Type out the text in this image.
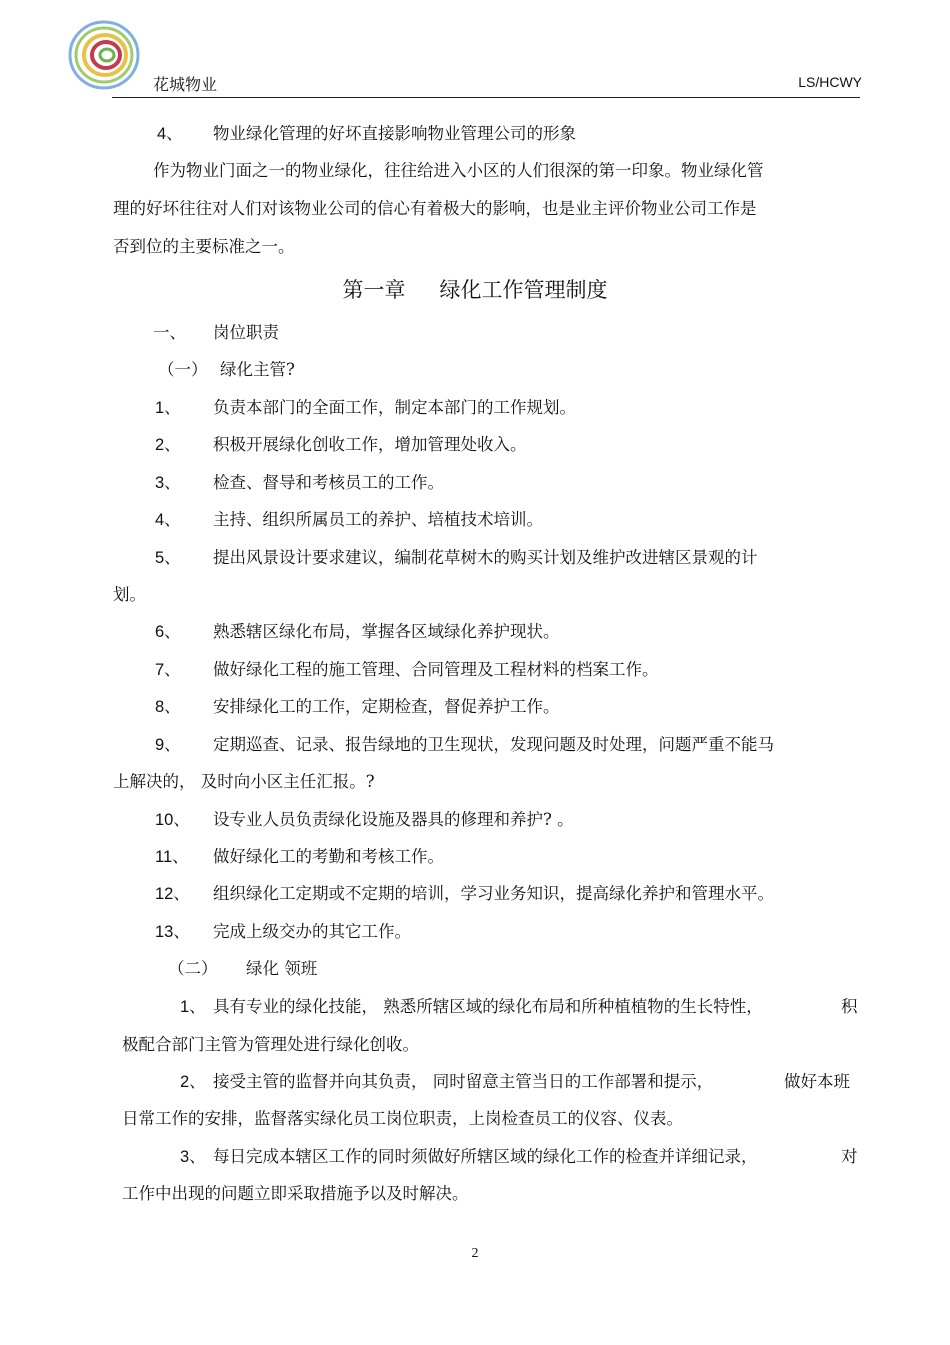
花城物业	LS/HCWY
4、 物业绿化管理的好坏直接影响物业管理公司的形象
作为物业门面之一的物业绿化，往往给进入小区的人们很深的第一印象。物业绿化管
理的好坏往往对人们对该物业公司的信心有着极大的影响，也是业主评价物业公司工作是
否到位的主要标准之一。
第一章 绿化工作管理制度
一、 岗位职责
（一） 绿化主管?
1、 负责本部门的全面工作，制定本部门的工作规划。
2、 积极开展绿化创收工作，增加管理处收入。
3、 检查、督导和考核员工的工作。
4、 主持、组织所属员工的养护、培植技术培训。
5、 提出风景设计要求建议，编制花草树木的购买计划及维护改进辖区景观的计
划。
6、 熟悉辖区绿化布局，掌握各区域绿化养护现状。
7、 做好绿化工程的施工管理、合同管理及工程材料的档案工作。
8、 安排绿化工的工作，定期检查，督促养护工作。
9、 定期巡查、记录、报告绿地的卫生现状，发现问题及时处理，问题严重不能马
上解决的， 及时向小区主任汇报。?
10、 设专业人员负责绿化设施及器具的修理和养护? 。
11、 做好绿化工的考勤和考核工作。
12、 组织绿化工定期或不定期的培训，学习业务知识，提高绿化养护和管理水平。
13、 完成上级交办的其它工作。
（二） 绿化 领班
1、 具有专业的绿化技能， 熟悉所辖区域的绿化布局和所种植植物的生长特性，	积
极配合部门主管为管理处进行绿化创收。
2、 接受主管的监督并向其负责， 同时留意主管当日的工作部署和提示，	做好本班
日常工作的安排，监督落实绿化员工岗位职责，上岗检查员工的仪容、仪表。
3、 每日完成本辖区工作的同时须做好所辖区域的绿化工作的检查并详细记录，	对
工作中出现的问题立即采取措施予以及时解决。
2
